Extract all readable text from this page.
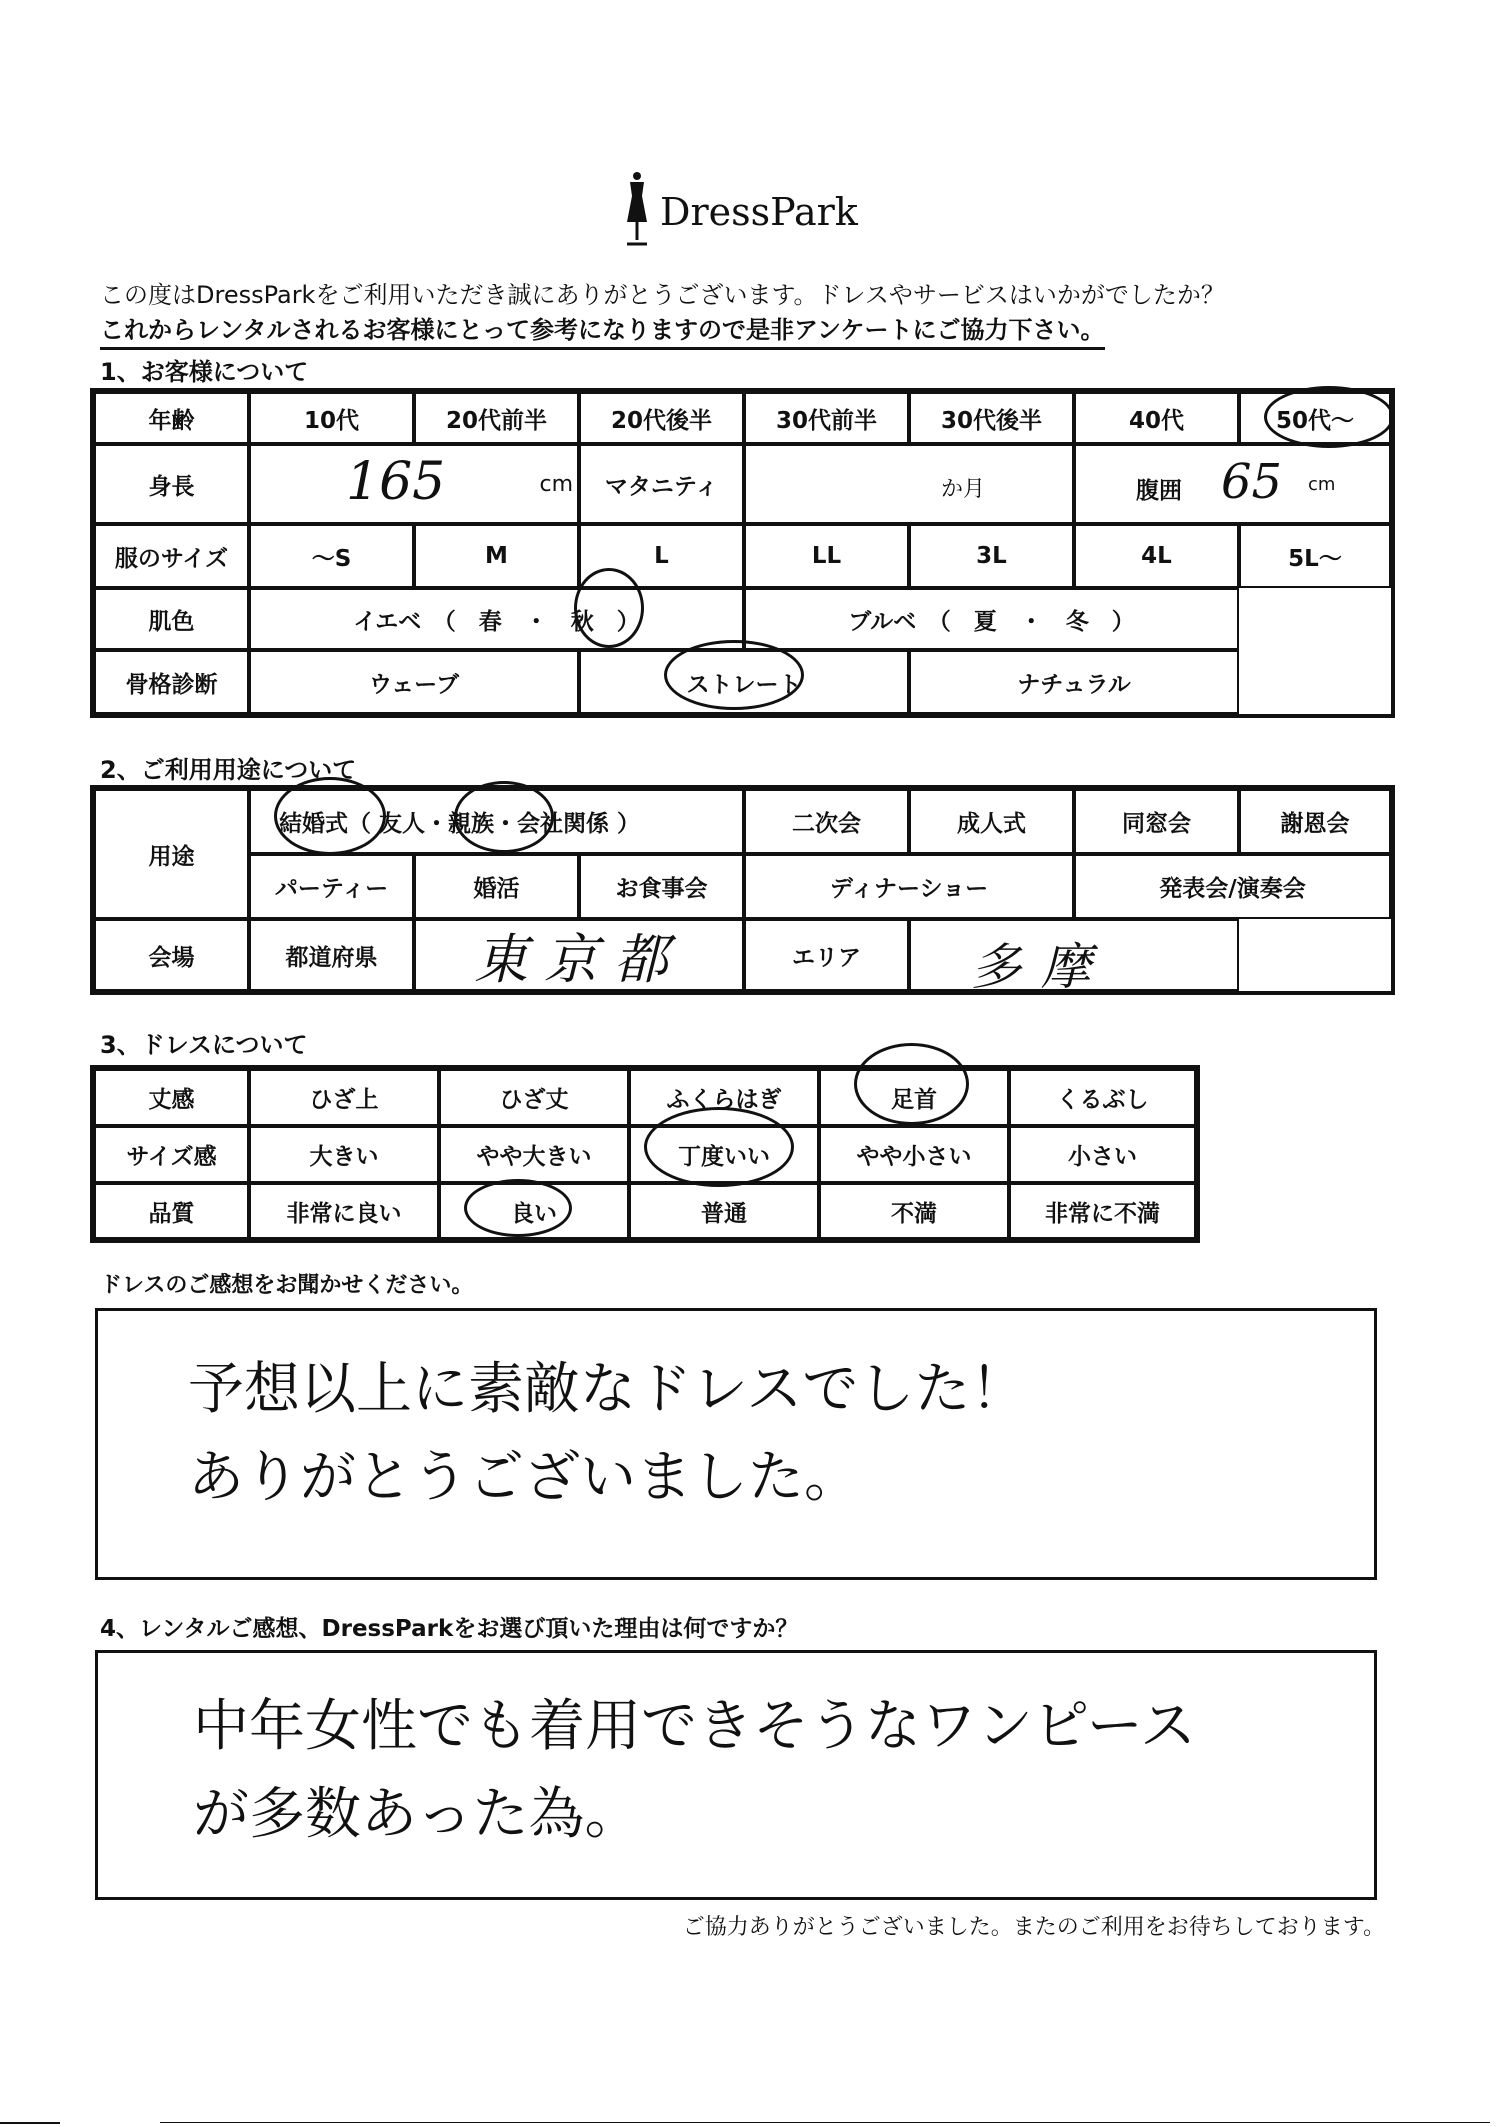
DressPark
この度はDressParkをご利用いただき誠にありがとうございます。ドレスやサービスはいかがでしたか？
これからレンタルされるお客様にとって参考になりますので是非アンケートにご協力下さい。
1、お客様について
年齢	10代	20代前半	20代後半	30代前半	30代後半	40代	50代～
身長	165	cm	マタニティ	か月	腹囲 65 cm
服のサイズ	～S	M	L	LL	3L	4L	5L～
肌色	イエベ　（　春　・　秋　）	ブルベ　（　夏　・　冬　）
骨格診断	ウェーブ	ストレート	ナチュラル
2、ご利用用途について
用途
結婚式（ 友人・親族・会社関係 ）	二次会	成人式	同窓会	謝恩会
パーティー	婚活	お食事会	ディナーショー	発表会/演奏会
会場	都道府県	東京都	エリア	多摩
3、ドレスについて
丈感	ひざ上	ひざ丈	ふくらはぎ	足首	くるぶし
サイズ感	大きい	やや大きい	丁度いい	やや小さい	小さい
品質	非常に良い	良い	普通	不満	非常に不満
ドレスのご感想をお聞かせください。
予想以上に素敵なドレスでした！
ありがとうございました。
4、レンタルご感想、DressParkをお選び頂いた理由は何ですか？
中年女性でも着用できそうなワンピース
が多数あった為。
ご協力ありがとうございました。またのご利用をお待ちしております。
